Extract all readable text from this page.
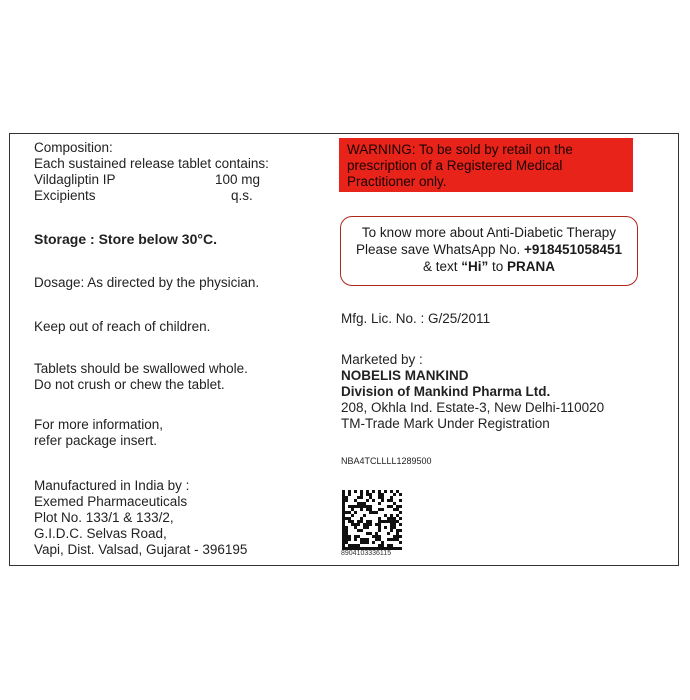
Composition:
Each sustained release tablet contains:
Vildagliptin IP	100 mg
Excipients	q.s.
Storage : Store below 30°C.
Dosage: As directed by the physician.
Keep out of reach of children.
Tablets should be swallowed whole.
Do not crush or chew the tablet.
For more information,
refer package insert.
Manufactured in India by :
Exemed Pharmaceuticals
Plot No. 133/1 & 133/2,
G.I.D.C. Selvas Road,
Vapi, Dist. Valsad, Gujarat - 396195
WARNING: To be sold by retail on the
prescription of a Registered Medical
Practitioner only.
To know more about Anti-Diabetic Therapy
Please save WhatsApp No. +918451058451
& text “Hi” to PRANA
Mfg. Lic. No. : G/25/2011
Marketed by :
NOBELIS MANKIND
Division of Mankind Pharma Ltd.
208, Okhla Ind. Estate-3, New Delhi-110020
TM-Trade Mark Under Registration
NBA4TCLLLL1289500
8904103336115
